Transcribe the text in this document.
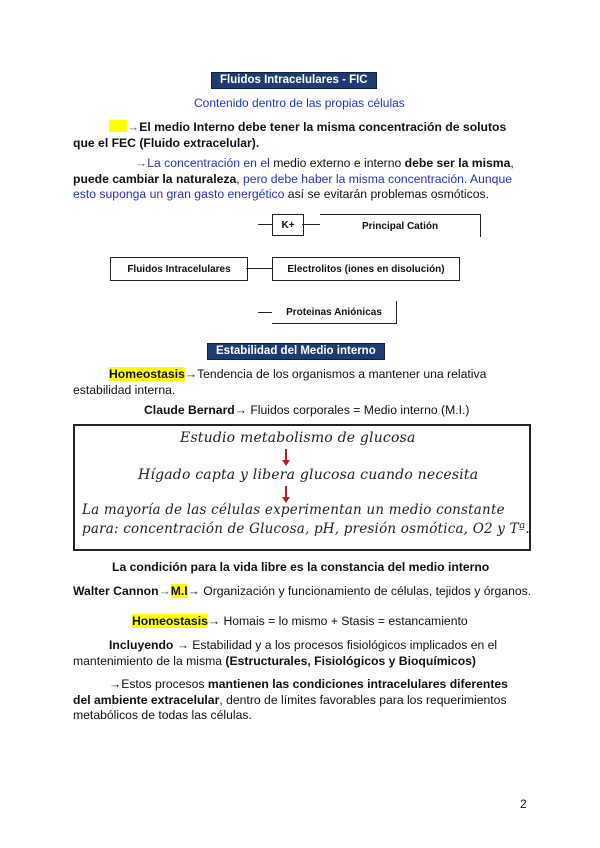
Fluidos Intracelulares - FIC
Contenido dentro de las propias células

→El medio Interno debe tener la misma concentración de solutos que el FEC (Fluido extracelular).

→La concentración en el medio externo e interno debe ser la misma, puede cambiar la naturaleza, pero debe haber la misma concentración. Aunque esto suponga un gran gasto energético así se evitarán problemas osmóticos.

K+	Principal Catión
Fluidos Intracelulares	Electrolitos (iones en disolución)
Proteinas Aniónicas
Estabilidad del Medio interno

Homeostasis→Tendencia de los organismos a mantener una relativa estabilidad interna.

Claude Bernard→ Fluidos corporales = Medio interno (M.I.)
Estudio metabolismo de glucosa
Hígado capta y libera glucosa cuando necesita
La mayoría de las células experimentan un medio constante
para: concentración de Glucosa, pH, presión osmótica, O2 y Tª.
La condición para la vida libre es la constancia del medio interno
Walter Cannon→M.I→ Organización y funcionamiento de células, tejidos y órganos.
Homeostasis→ Homais = lo mismo + Stasis = estancamiento

Incluyendo → Estabilidad y a los procesos fisiológicos implicados en el mantenimiento de la misma (Estructurales, Fisiológicos y Bioquímicos)

→Estos procesos mantienen las condiciones intracelulares diferentes del ambiente extracelular, dentro de límites favorables para los requerimientos metabólicos de todas las células.

2
